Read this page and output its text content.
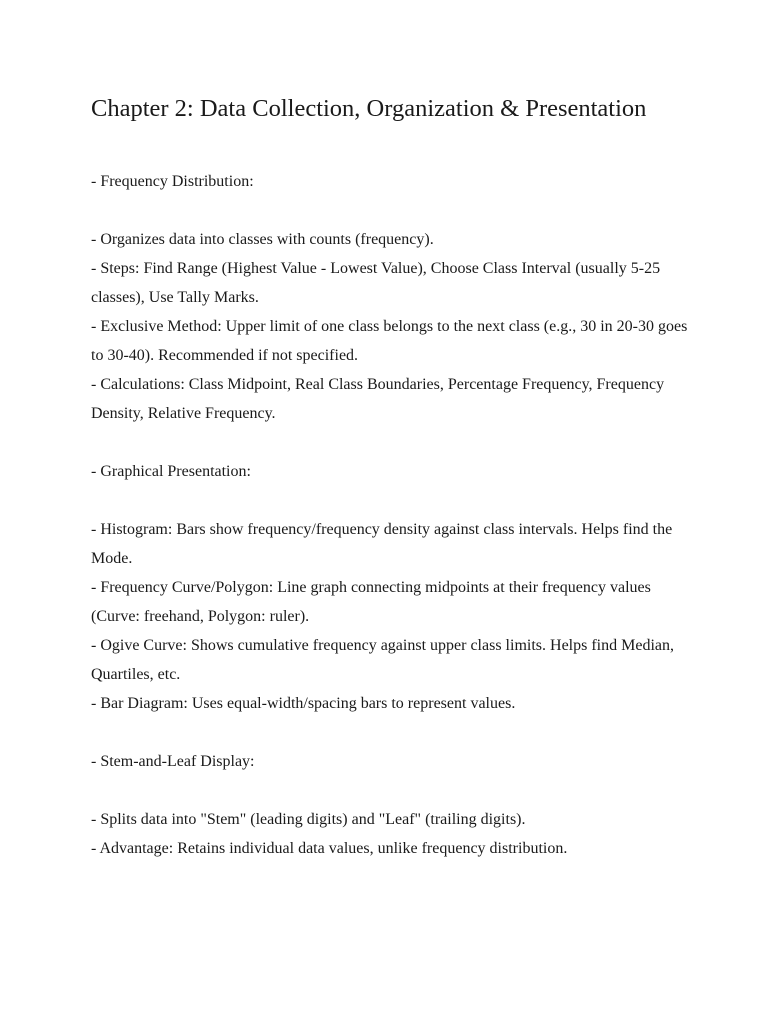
Chapter 2: Data Collection, Organization & Presentation

- Frequency Distribution:

- Organizes data into classes with counts (frequency).

- Steps: Find Range (Highest Value - Lowest Value), Choose Class Interval (usually 5-25 classes), Use Tally Marks.

- Exclusive Method: Upper limit of one class belongs to the next class (e.g., 30 in 20-30 goes to 30-40). Recommended if not specified.

- Calculations: Class Midpoint, Real Class Boundaries, Percentage Frequency, Frequency Density, Relative Frequency.

- Graphical Presentation:

- Histogram: Bars show frequency/frequency density against class intervals. Helps find the Mode.

- Frequency Curve/Polygon: Line graph connecting midpoints at their frequency values (Curve: freehand, Polygon: ruler).

- Ogive Curve: Shows cumulative frequency against upper class limits. Helps find Median, Quartiles, etc.

- Bar Diagram: Uses equal-width/spacing bars to represent values.

- Stem-and-Leaf Display:

- Splits data into "Stem" (leading digits) and "Leaf" (trailing digits).

- Advantage: Retains individual data values, unlike frequency distribution.
